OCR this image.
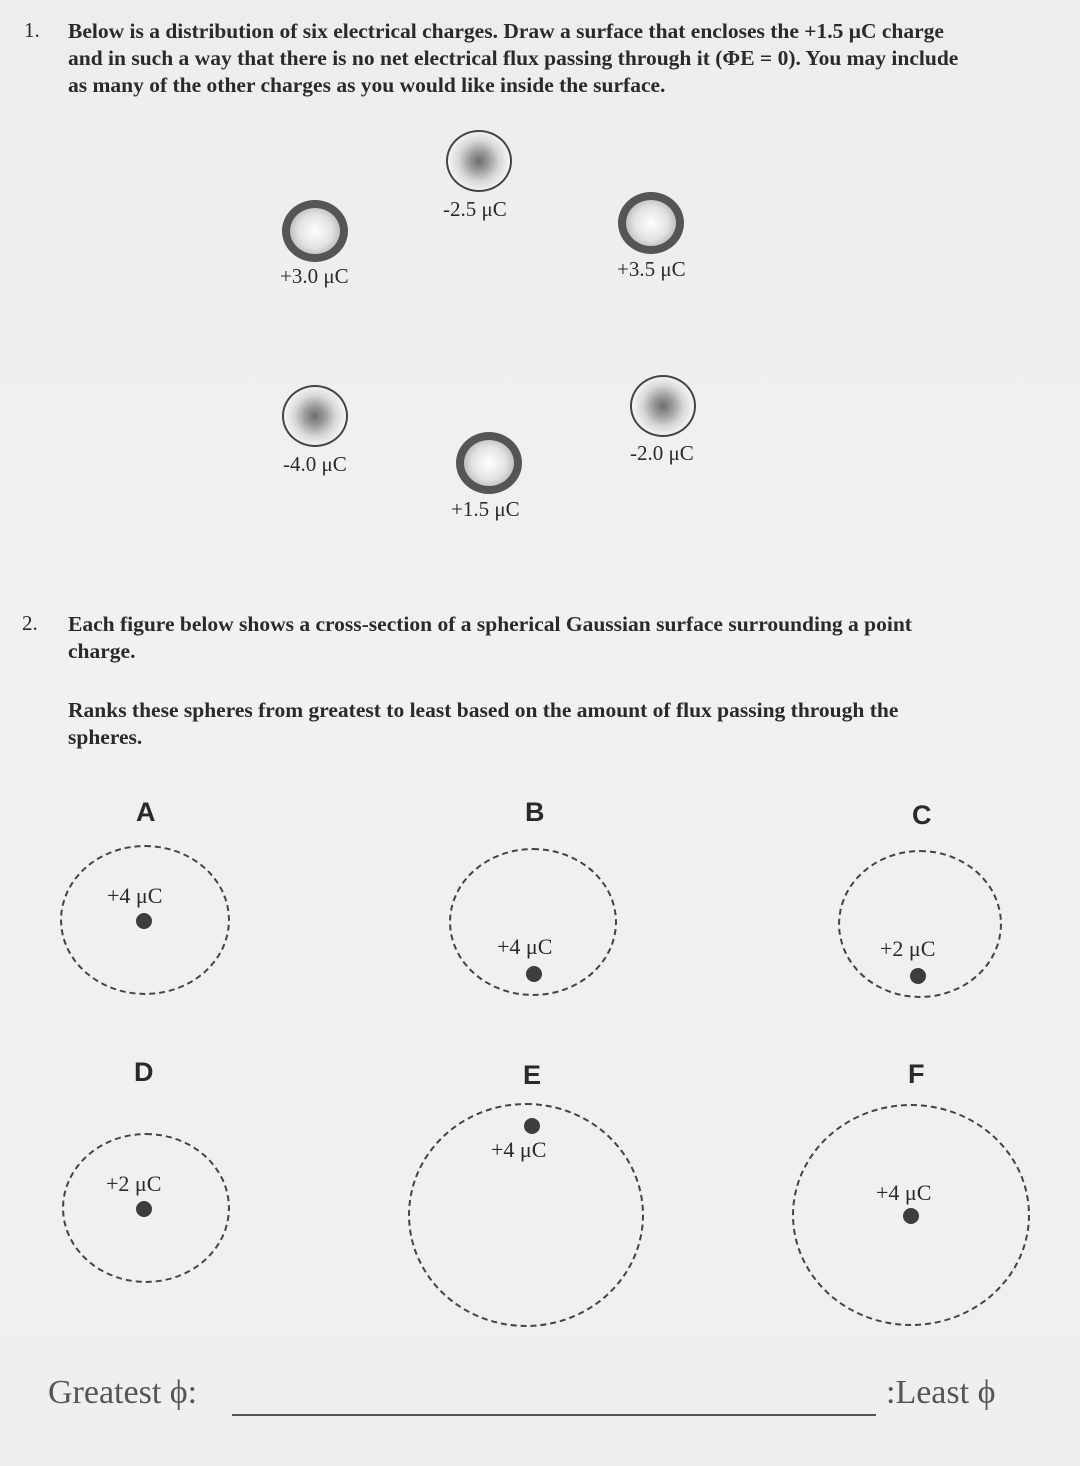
1. Below is a distribution of six electrical charges. Draw a surface that encloses the +1.5 μC charge
and in such a way that there is no net electrical flux passing through it (ΦE = 0). You may include
as many of the other charges as you would like inside the surface.
-2.5 μC
+3.0 μC	+3.5 μC
-4.0 μC	-2.0 μC
+1.5 μC
2. Each figure below shows a cross-section of a spherical Gaussian surface surrounding a point
charge.
Ranks these spheres from greatest to least based on the amount of flux passing through the
spheres.
A
+4 μC
B
+4 μC
C
+2 μC
D
+2 μC
E
+4 μC
F
+4 μC
Greatest ϕ:	:Least ϕ
